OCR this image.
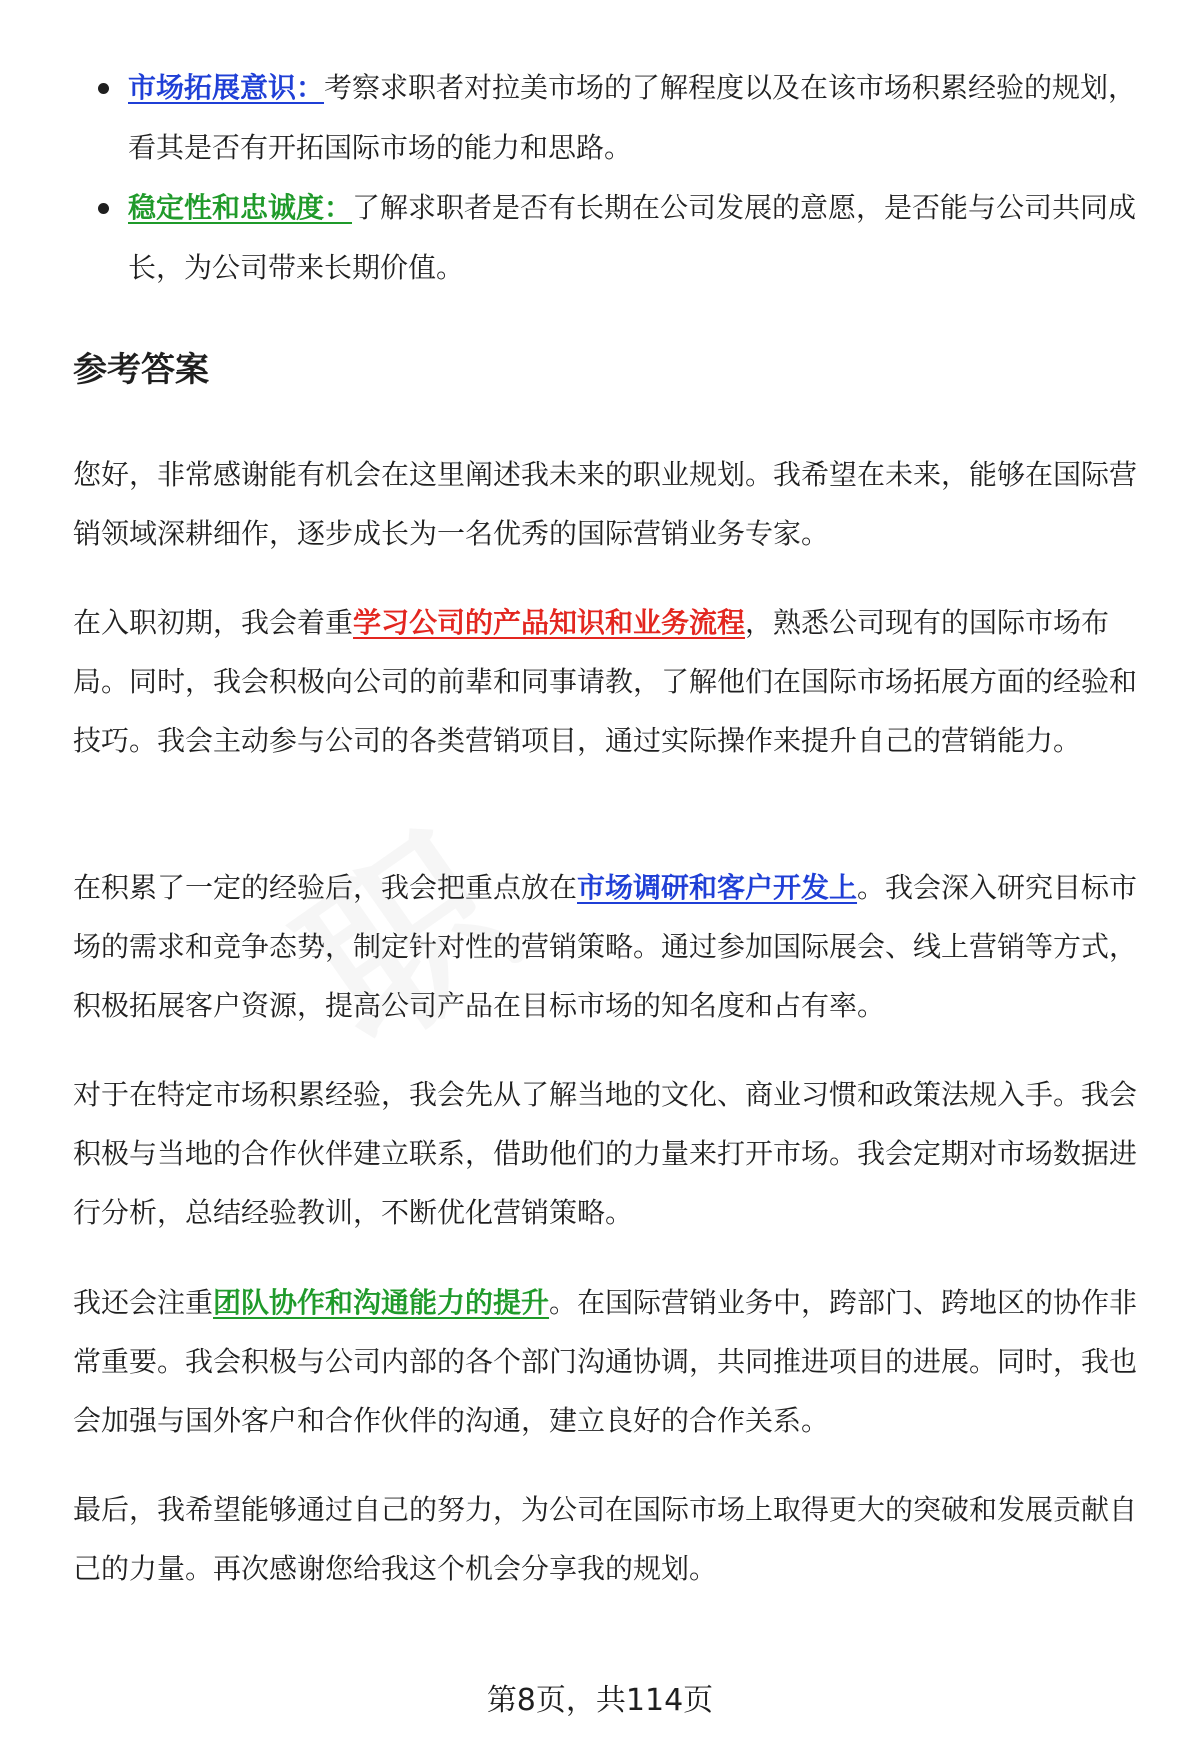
市场拓展意识：考察求职者对拉美市场的了解程度以及在该市场积累经验的规划，看其是否有开拓国际市场的能力和思路。
稳定性和忠诚度：了解求职者是否有长期在公司发展的意愿，是否能与公司共同成长，为公司带来长期价值。
参考答案

您好，非常感谢能有机会在这里阐述我未来的职业规划。我希望在未来，能够在国际营销领域深耕细作，逐步成长为一名优秀的国际营销业务专家。

在入职初期，我会着重学习公司的产品知识和业务流程，熟悉公司现有的国际市场布局。同时，我会积极向公司的前辈和同事请教，了解他们在国际市场拓展方面的经验和技巧。我会主动参与公司的各类营销项目，通过实际操作来提升自己的营销能力。

在积累了一定的经验后，我会把重点放在市场调研和客户开发上。我会深入研究目标市场的需求和竞争态势，制定针对性的营销策略。通过参加国际展会、线上营销等方式，积极拓展客户资源，提高公司产品在目标市场的知名度和占有率。

对于在特定市场积累经验，我会先从了解当地的文化、商业习惯和政策法规入手。我会积极与当地的合作伙伴建立联系，借助他们的力量来打开市场。我会定期对市场数据进行分析，总结经验教训，不断优化营销策略。

我还会注重团队协作和沟通能力的提升。在国际营销业务中，跨部门、跨地区的协作非常重要。我会积极与公司内部的各个部门沟通协调，共同推进项目的进展。同时，我也会加强与国外客户和合作伙伴的沟通，建立良好的合作关系。

最后，我希望能够通过自己的努力，为公司在国际市场上取得更大的突破和发展贡献自己的力量。再次感谢您给我这个机会分享我的规划。

第8页，共114页
